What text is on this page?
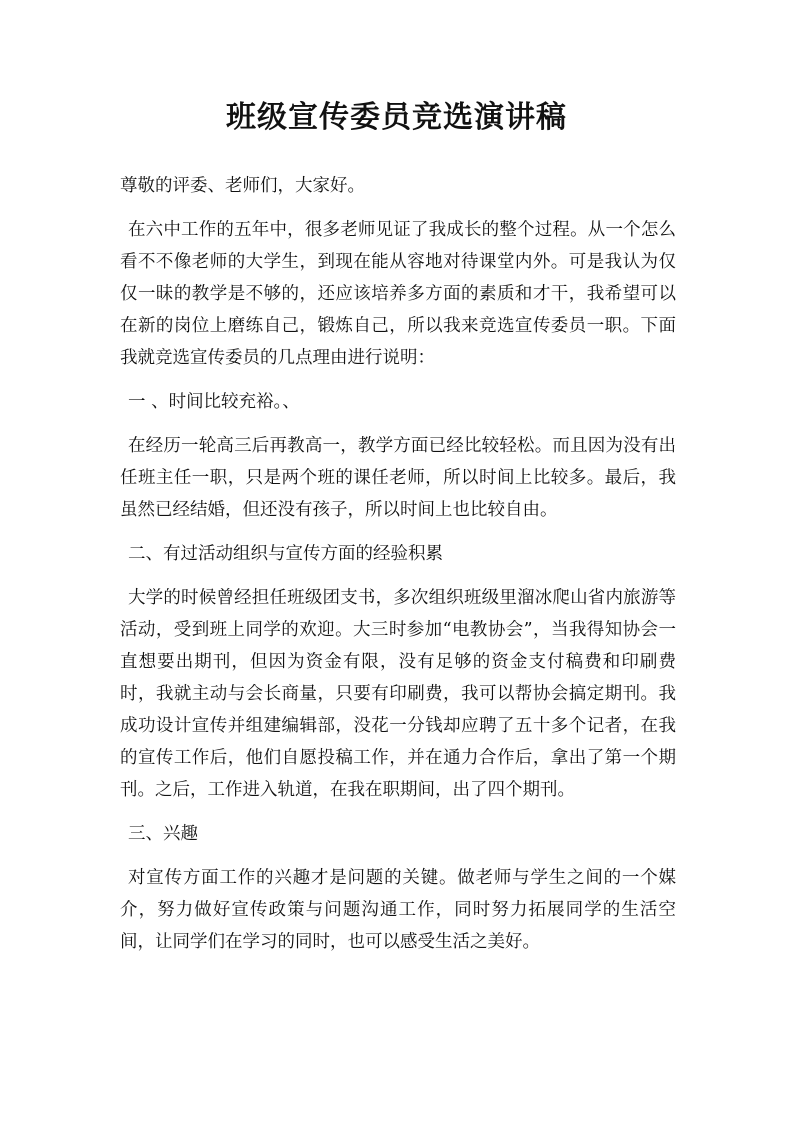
班级宣传委员竞选演讲稿

尊敬的评委、老师们，大家好。

在六中工作的五年中，很多老师见证了我成长的整个过程。从一个怎么看不不像老师的大学生，到现在能从容地对待课堂内外。可是我认为仅仅一昧的教学是不够的，还应该培养多方面的素质和才干，我希望可以在新的岗位上磨练自己，锻炼自己，所以我来竞选宣传委员一职。下面我就竞选宣传委员的几点理由进行说明：

一 、时间比较充裕。、

在经历一轮高三后再教高一，教学方面已经比较轻松。而且因为没有出任班主任一职，只是两个班的课任老师，所以时间上比较多。最后，我虽然已经结婚，但还没有孩子，所以时间上也比较自由。

二、有过活动组织与宣传方面的经验积累

大学的时候曾经担任班级团支书，多次组织班级里溜冰爬山省内旅游等活动，受到班上同学的欢迎。大三时参加“电教协会”，当我得知协会一直想要出期刊，但因为资金有限，没有足够的资金支付稿费和印刷费时，我就主动与会长商量，只要有印刷费，我可以帮协会搞定期刊。我成功设计宣传并组建编辑部，没花一分钱却应聘了五十多个记者，在我的宣传工作后，他们自愿投稿工作，并在通力合作后，拿出了第一个期刊。之后，工作进入轨道，在我在职期间，出了四个期刊。

三、兴趣

对宣传方面工作的兴趣才是问题的关键。做老师与学生之间的一个媒介，努力做好宣传政策与问题沟通工作，同时努力拓展同学的生活空间，让同学们在学习的同时，也可以感受生活之美好。
